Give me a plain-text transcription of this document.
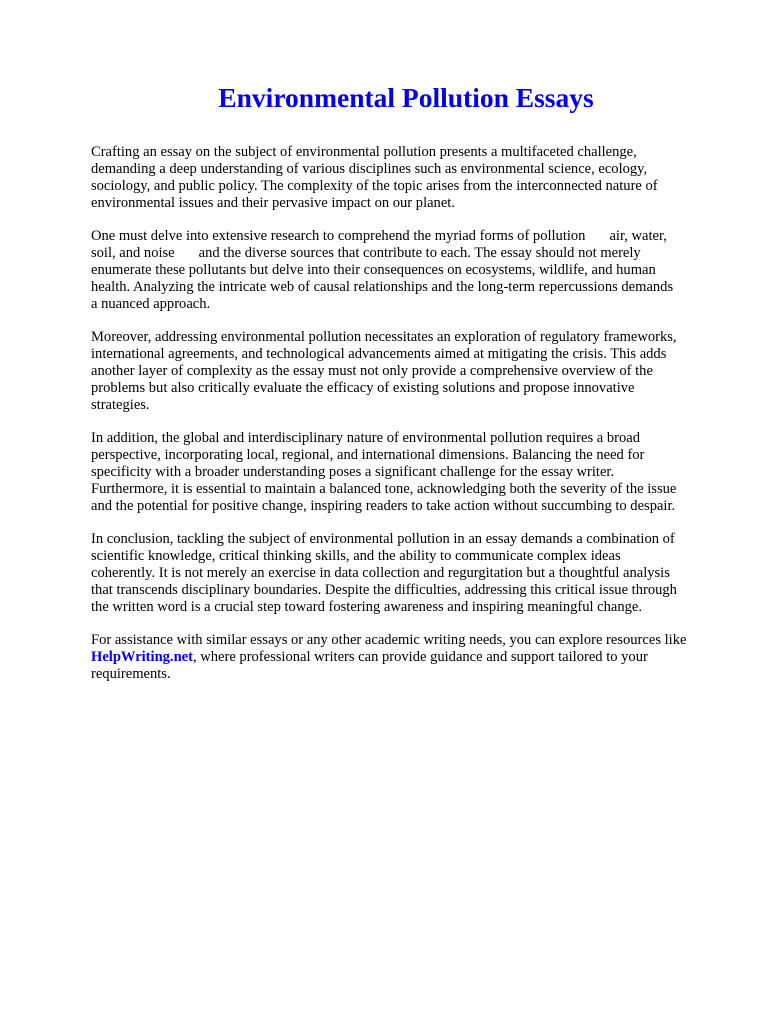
Environmental Pollution Essays

Crafting an essay on the subject of environmental pollution presents a multifaceted challenge,
demanding a deep understanding of various disciplines such as environmental science, ecology,
sociology, and public policy. The complexity of the topic arises from the interconnected nature of
environmental issues and their pervasive impact on our planet.

One must delve into extensive research to comprehend the myriad forms of pollution air, water,
soil, and noise and the diverse sources that contribute to each. The essay should not merely
enumerate these pollutants but delve into their consequences on ecosystems, wildlife, and human
health. Analyzing the intricate web of causal relationships and the long-term repercussions demands
a nuanced approach.

Moreover, addressing environmental pollution necessitates an exploration of regulatory frameworks,
international agreements, and technological advancements aimed at mitigating the crisis. This adds
another layer of complexity as the essay must not only provide a comprehensive overview of the
problems but also critically evaluate the efficacy of existing solutions and propose innovative
strategies.

In addition, the global and interdisciplinary nature of environmental pollution requires a broad
perspective, incorporating local, regional, and international dimensions. Balancing the need for
specificity with a broader understanding poses a significant challenge for the essay writer.
Furthermore, it is essential to maintain a balanced tone, acknowledging both the severity of the issue
and the potential for positive change, inspiring readers to take action without succumbing to despair.

In conclusion, tackling the subject of environmental pollution in an essay demands a combination of
scientific knowledge, critical thinking skills, and the ability to communicate complex ideas
coherently. It is not merely an exercise in data collection and regurgitation but a thoughtful analysis
that transcends disciplinary boundaries. Despite the difficulties, addressing this critical issue through
the written word is a crucial step toward fostering awareness and inspiring meaningful change.

For assistance with similar essays or any other academic writing needs, you can explore resources like
HelpWriting.net, where professional writers can provide guidance and support tailored to your
requirements.
